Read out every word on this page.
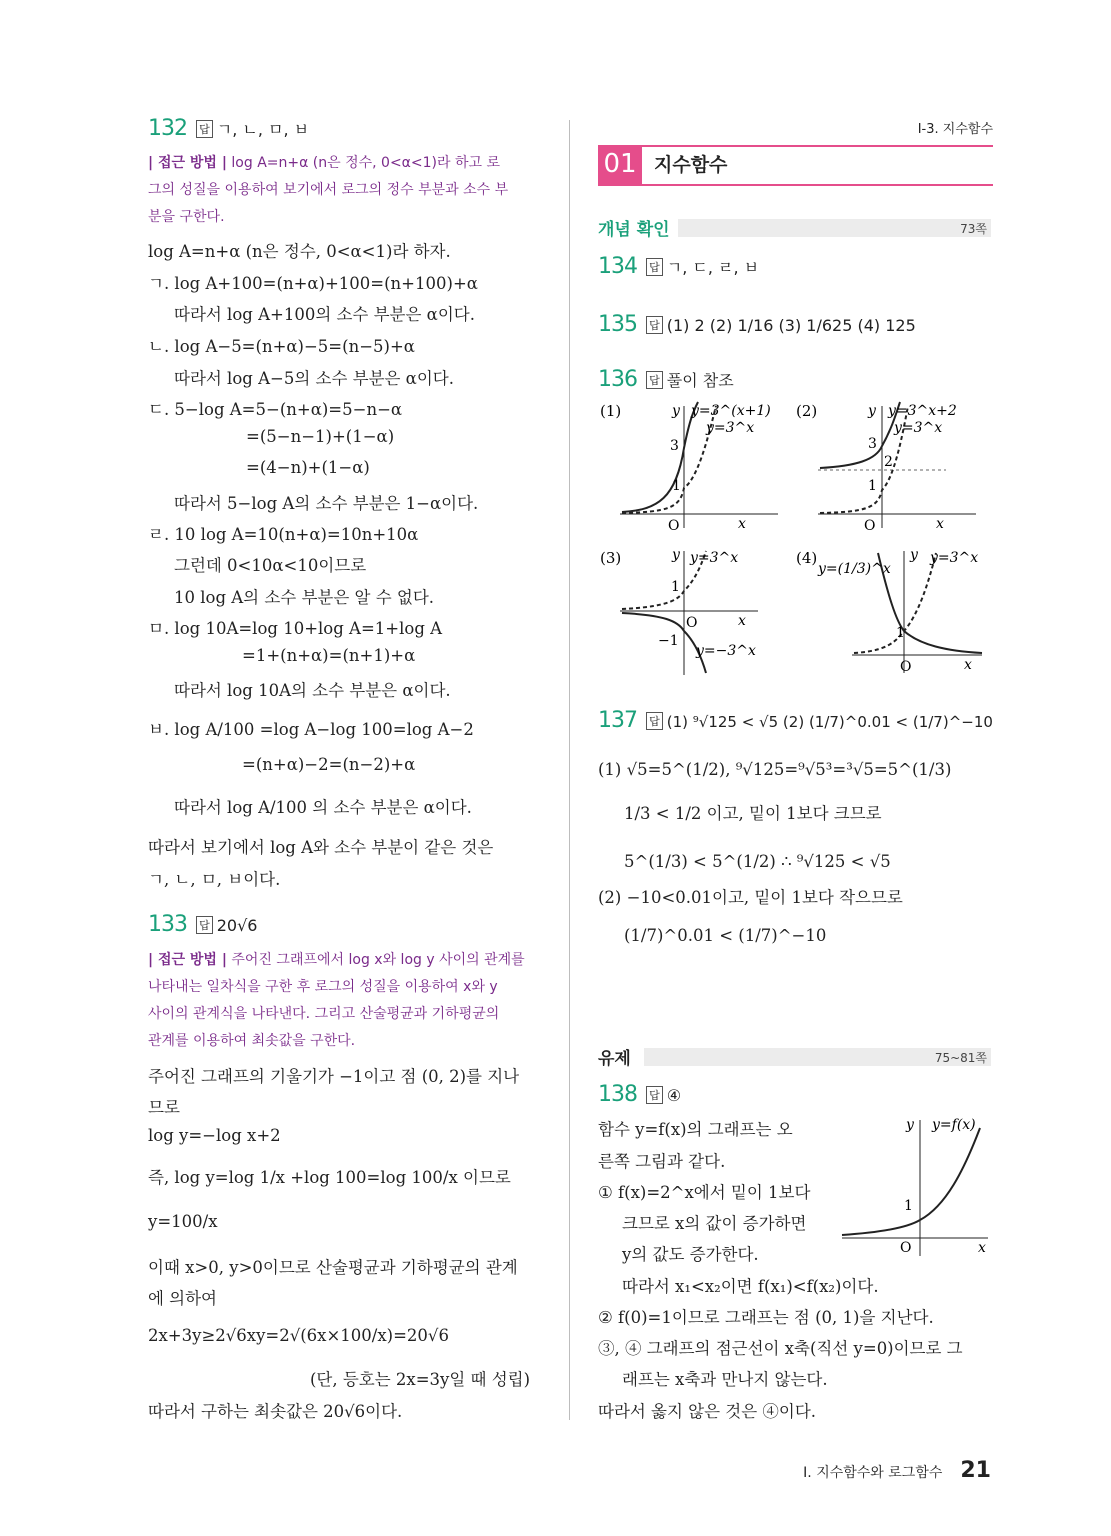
Ⅰ-3. 지수함수
132 답 ㄱ, ㄴ, ㅁ, ㅂ
| 접근 방법 | log A=n+α (n은 정수, 0<α<1)라 하고 로
그의 성질을 이용하여 보기에서 로그의 정수 부분과 소수 부
분을 구한다.
log A=n+α (n은 정수, 0<α<1)라 하자.
ㄱ. log A+100=(n+α)+100=(n+100)+α
따라서 log A+100의 소수 부분은 α이다.
ㄴ. log A−5=(n+α)−5=(n−5)+α
따라서 log A−5의 소수 부분은 α이다.
ㄷ. 5−log A=5−(n+α)=5−n−α
=(5−n−1)+(1−α)
=(4−n)+(1−α)
따라서 5−log A의 소수 부분은 1−α이다.
ㄹ. 10 log A=10(n+α)=10n+10α
그런데 0<10α<10이므로
10 log A의 소수 부분은 알 수 없다.
ㅁ. log 10A=log 10+log A=1+log A
=1+(n+α)=(n+1)+α
따라서 log 10A의 소수 부분은 α이다.
ㅂ. log A/100 =log A−log 100=log A−2
=(n+α)−2=(n−2)+α
따라서 log A/100 의 소수 부분은 α이다.
따라서 보기에서 log A와 소수 부분이 같은 것은
ㄱ, ㄴ, ㅁ, ㅂ이다.
133 답 20√6
| 접근 방법 | 주어진 그래프에서 log x와 log y 사이의 관계를
나타내는 일차식을 구한 후 로그의 성질을 이용하여 x와 y
사이의 관계식을 나타낸다. 그리고 산술평균과 기하평균의
관계를 이용하여 최솟값을 구한다.
주어진 그래프의 기울기가 −1이고 점 (0, 2)를 지나
므로
log y=−log x+2
즉, log y=log 1/x +log 100=log 100/x 이므로
y=100/x
이때 x>0, y>0이므로 산술평균과 기하평균의 관계
에 의하여
2x+3y≥2√6xy=2√(6x×100/x)=20√6
(단, 등호는 2x=3y일 때 성립)
따라서 구하는 최솟값은 20√6이다.
01 지수함수
개념 확인	73쪽
134 답 ㄱ, ㄷ, ㄹ, ㅂ
135 답 (1) 2 (2) 1/16 (3) 1/625 (4) 125
136 답 풀이 참조
(1)	y=3^(x+1)
y=3^x
3
1
O	x
y	(2)	y=3^x+2
y=3^x
3
2
1
O	x
y
(3)	y=3^x
y=−3^x
1
−1
O	x
y	(4)
y=(1/3)^x
y=3^x
1
O	x
y
137 답 (1) ⁹√125 < √5 (2) (1/7)^0.01 < (1/7)^−10
(1) √5=5^(1/2), ⁹√125=⁹√5³=³√5=5^(1/3)
1/3 < 1/2 이고, 밑이 1보다 크므로
5^(1/3) < 5^(1/2) ∴ ⁹√125 < √5
(2) −10<0.01이고, 밑이 1보다 작으므로
(1/7)^0.01 < (1/7)^−10
138 답 ④
함수 y=f(x)의 그래프는 오
른쪽 그림과 같다.
① f(x)=2^x에서 밑이 1보다
크므로 x의 값이 증가하면
y의 값도 증가한다.
따라서 x₁<x₂이면 f(x₁)<f(x₂)이다.
② f(0)=1이므로 그래프는 점 (0, 1)을 지난다.
③, ④ 그래프의 점근선이 x축(직선 y=0)이므로 그
래프는 x축과 만나지 않는다.
따라서 옳지 않은 것은 ④이다.
y=f(x)
1
O	x
y
유제	75~81쪽
Ⅰ. 지수함수와 로그함수 21
